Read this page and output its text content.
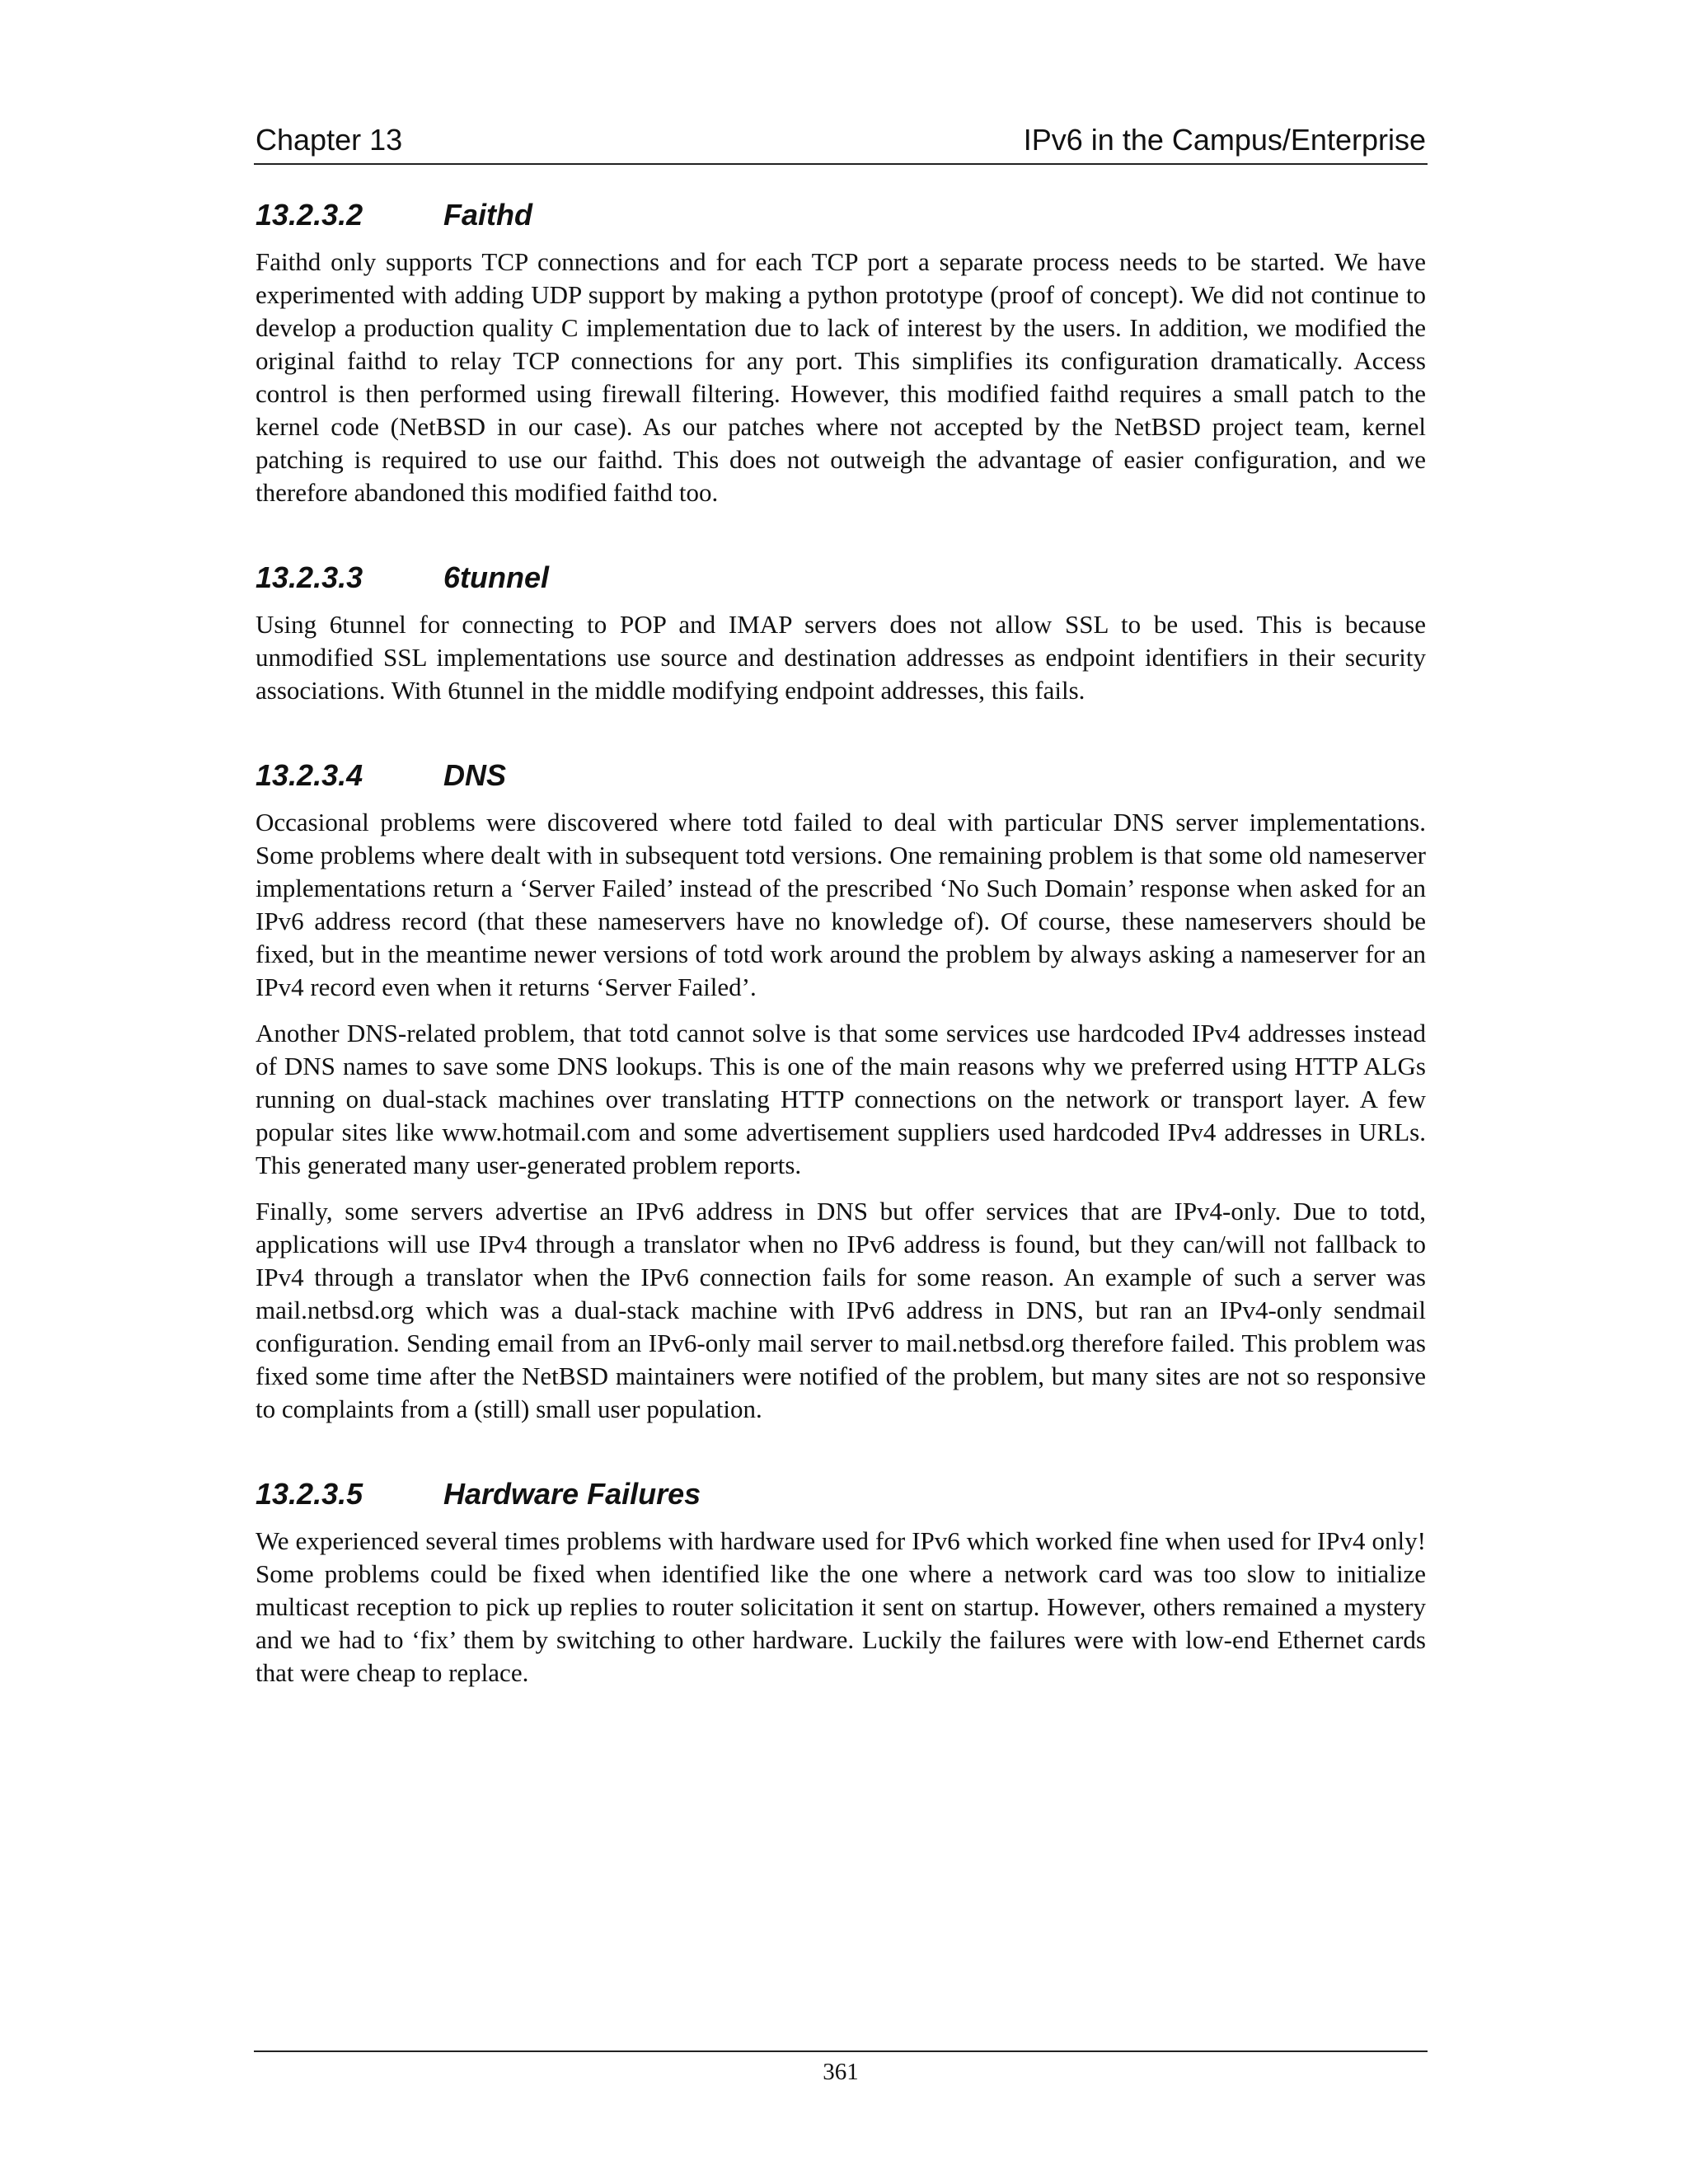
Chapter 13	IPv6 in the Campus/Enterprise
13.2.3.2	Faithd

Faithd only supports TCP connections and for each TCP port a separate process needs to be started. We have experimented with adding UDP support by making a python prototype (proof of concept). We did not continue to develop a production quality C implementation due to lack of interest by the users. In addition, we modified the original faithd to relay TCP connections for any port. This simplifies its configuration dramatically. Access control is then performed using firewall filtering. However, this modified faithd requires a small patch to the kernel code (NetBSD in our case). As our patches where not accepted by the NetBSD project team, kernel patching is required to use our faithd. This does not outweigh the advantage of easier configuration, and we therefore abandoned this modified faithd too.

13.2.3.3	6tunnel

Using 6tunnel for connecting to POP and IMAP servers does not allow SSL to be used. This is because unmodified SSL implementations use source and destination addresses as endpoint identifiers in their security associations. With 6tunnel in the middle modifying endpoint addresses, this fails.

13.2.3.4	DNS

Occasional problems were discovered where totd failed to deal with particular DNS server implementations. Some problems where dealt with in subsequent totd versions. One remaining problem is that some old nameserver implementations return a ‘Server Failed’ instead of the prescribed ‘No Such Domain’ response when asked for an IPv6 address record (that these nameservers have no knowledge of). Of course, these nameservers should be fixed, but in the meantime newer versions of totd work around the problem by always asking a nameserver for an IPv4 record even when it returns ‘Server Failed’.

Another DNS-related problem, that totd cannot solve is that some services use hardcoded IPv4 addresses instead of DNS names to save some DNS lookups. This is one of the main reasons why we preferred using HTTP ALGs running on dual-stack machines over translating HTTP connections on the network or transport layer. A few popular sites like www.hotmail.com and some advertisement suppliers used hardcoded IPv4 addresses in URLs. This generated many user-generated problem reports.

Finally, some servers advertise an IPv6 address in DNS but offer services that are IPv4-only. Due to totd, applications will use IPv4 through a translator when no IPv6 address is found, but they can/will not fallback to IPv4 through a translator when the IPv6 connection fails for some reason. An example of such a server was mail.netbsd.org which was a dual-stack machine with IPv6 address in DNS, but ran an IPv4-only sendmail configuration. Sending email from an IPv6-only mail server to mail.netbsd.org therefore failed. This problem was fixed some time after the NetBSD maintainers were notified of the problem, but many sites are not so responsive to complaints from a (still) small user population.

13.2.3.5	Hardware Failures

We experienced several times problems with hardware used for IPv6 which worked fine when used for IPv4 only! Some problems could be fixed when identified like the one where a network card was too slow to initialize multicast reception to pick up replies to router solicitation it sent on startup. However, others remained a mystery and we had to ‘fix’ them by switching to other hardware. Luckily the failures were with low-end Ethernet cards that were cheap to replace.

361
